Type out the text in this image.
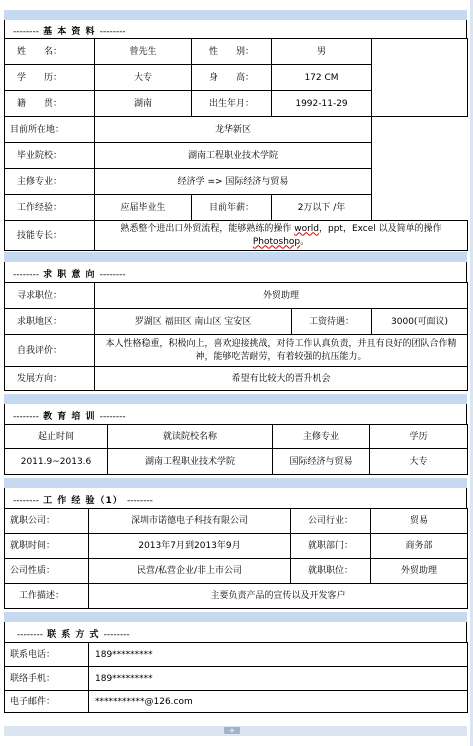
-------- 基 本 资 料 --------
姓　　名：	曾先生	性　　别：	男	
学　　历：	大专	身　　高：	172 CM	
籍　　贯：	湖南	出生年月：	1992-11-29	
目前所在地：	龙华新区			
毕业院校：	湖南工程职业技术学院			
主修专业：	经济学 => 国际经济与贸易			
工作经验：	应届毕业生	目前年薪：	2万以下 /年	
技能专长：	熟悉整个进出口外贸流程，能够熟练的操作 world，ppt，Excel 以及简单的操作 Photoshop。			
-------- 求 职 意 向 --------
寻求职位：	外贸助理		
求职地区：	罗湖区 福田区 南山区 宝安区	工资待遇：	3000(可面议)
自我评价：	本人性格稳重，积极向上，喜欢迎接挑战，对待工作认真负责，并且有良好的团队合作精神，能够吃苦耐劳，有着较强的抗压能力。		
发展方向：	希望有比较大的晋升机会		
-------- 教 育 培 训 --------
起止时间	就读院校名称	主修专业	学历
2011.9~2013.6	湖南工程职业技术学院	国际经济与贸易	大专
-------- 工 作 经 验（1） --------
就职公司：	深圳市诺德电子科技有限公司	公司行业：	贸易
就职时间：	2013年7月到2013年9月	就职部门：	商务部
公司性质：	民营/私营企业/非上市公司	就职职位：	外贸助理
工作描述：	主要负责产品的宣传以及开发客户		
-------- 联 系 方 式 --------
联系电话：	189*********
联络手机：	189*********
电子邮件：	***********@126.com
+
